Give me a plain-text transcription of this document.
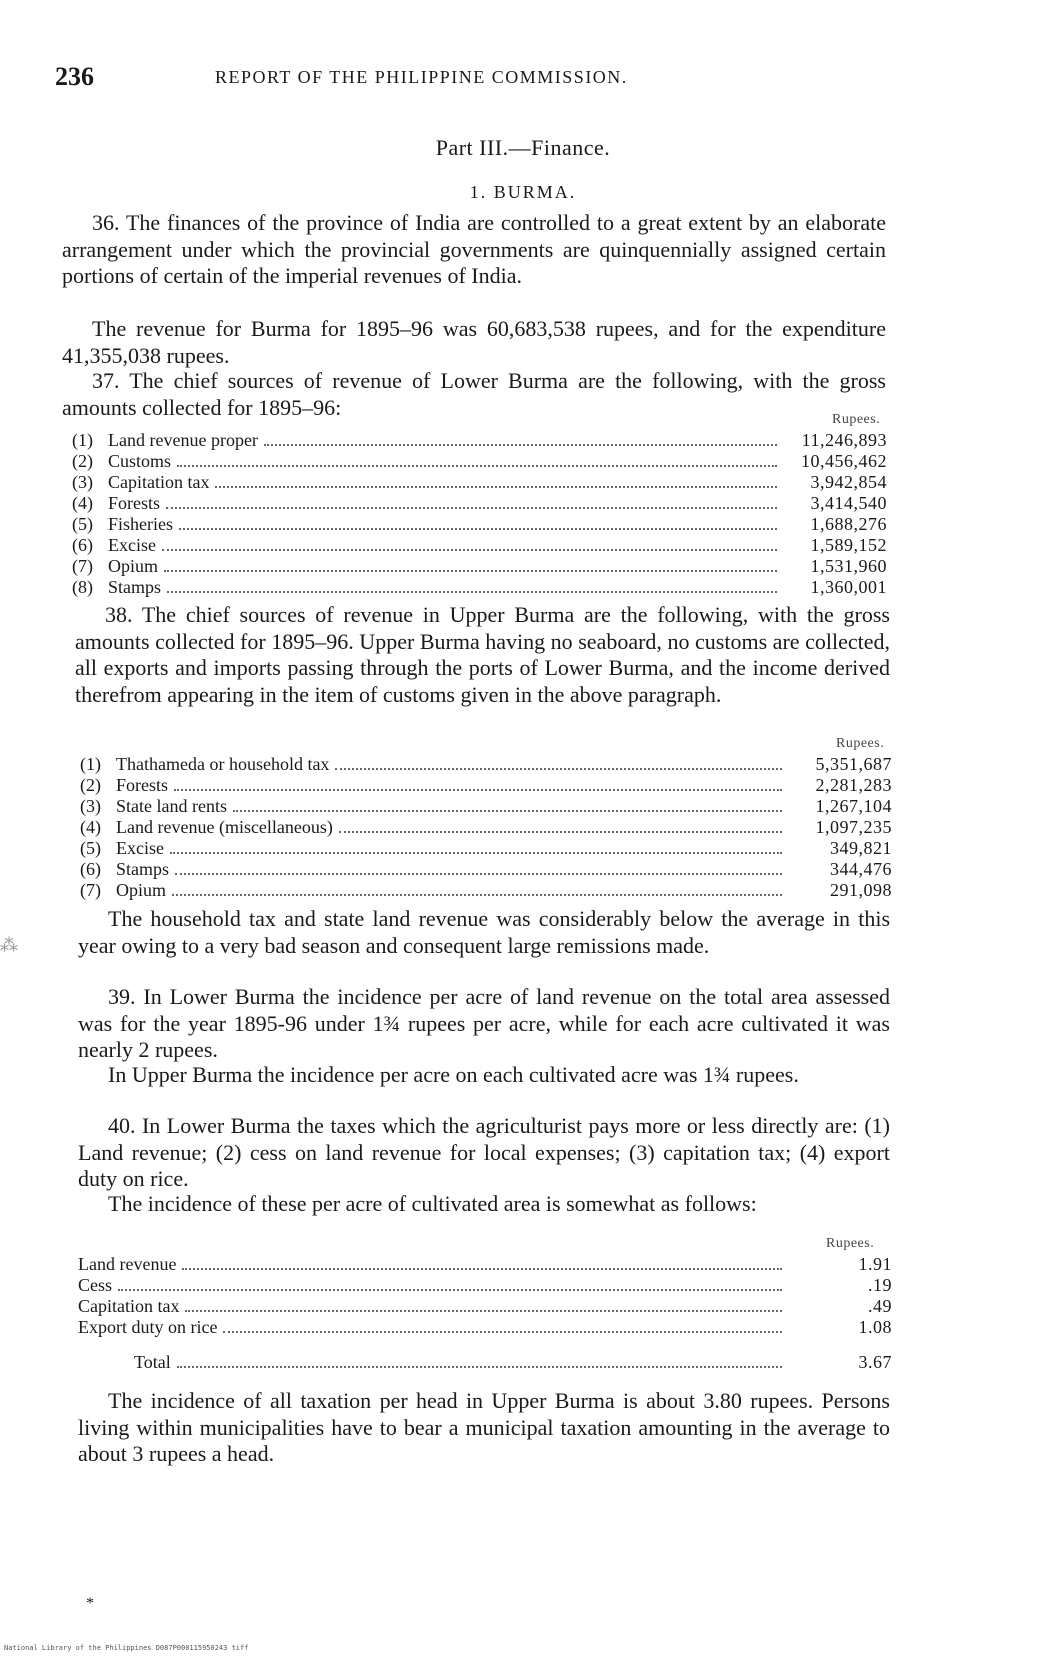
236	REPORT OF THE PHILIPPINE COMMISSION.
Part III.—Finance.
1. BURMA.

36. The finances of the province of India are controlled to a great extent by an elaborate arrangement under which the provincial governments are quinquennially assigned certain portions of certain of the imperial revenues of India.

The revenue for Burma for 1895–96 was 60,683,538 rupees, and for the expenditure 41,355,038 rupees.

37. The chief sources of revenue of Lower Burma are the following, with the gross amounts collected for 1895–96:	Rupees.
(1) Land revenue proper	11,246,893
(2) Customs	10,456,462
(3) Capitation tax	3,942,854
(4) Forests	3,414,540
(5) Fisheries	1,688,276
(6) Excise	1,589,152
(7) Opium	1,531,960
(8) Stamps	1,360,001

38. The chief sources of revenue in Upper Burma are the following, with the gross amounts collected for 1895–96. Upper Burma having no seaboard, no customs are collected, all exports and imports passing through the ports of Lower Burma, and the income derived therefrom appearing in the item of customs given in the above paragraph.

Rupees.
(1) Thathameda or household tax	5,351,687
(2) Forests	2,281,283
(3) State land rents	1,267,104
(4) Land revenue (miscellaneous)	1,097,235
(5) Excise	349,821
(6) Stamps	344,476
(7) Opium	291,098
⁂

The household tax and state land revenue was considerably below the average in this year owing to a very bad season and consequent large remissions made.

39. In Lower Burma the incidence per acre of land revenue on the total area assessed was for the year 1895-96 under 1¾ rupees per acre, while for each acre cultivated it was nearly 2 rupees.

In Upper Burma the incidence per acre on each cultivated acre was 1¾ rupees.

40. In Lower Burma the taxes which the agriculturist pays more or less directly are: (1) Land revenue; (2) cess on land revenue for local expenses; (3) capitation tax; (4) export duty on rice.

The incidence of these per acre of cultivated area is somewhat as follows:

Rupees.
Land revenue	1.91
Cess	.19
Capitation tax	.49
Export duty on rice	1.08
Total	3.67

The incidence of all taxation per head in Upper Burma is about 3.80 rupees. Persons living within municipalities have to bear a municipal taxation amounting in the average to about 3 rupees a head.

*
National Library of the Philippines D087P000115950243 tiff
